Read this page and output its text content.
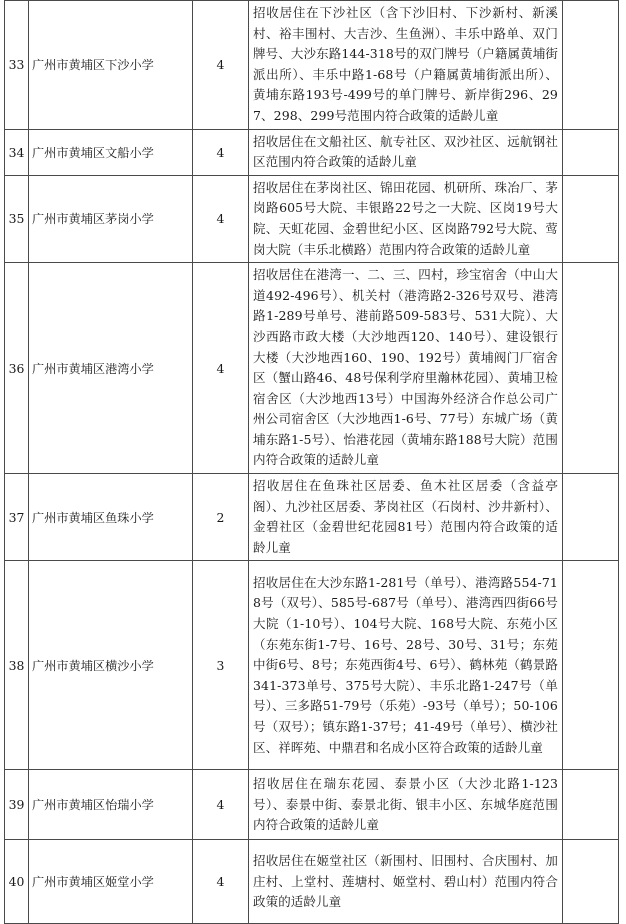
33	广州市黄埔区下沙小学	4	招收居住在下沙社区（含下沙旧村、下沙新村、新溪村、裕丰围村、大吉沙、生鱼洲）、丰乐中路单、双门牌号、大沙东路144-318号的双门牌号（户籍属黄埔街派出所）、丰乐中路1-68号（户籍属黄埔街派出所）、黄埔东路193号-499号的单门牌号、新岸街296、297、298、299号范围内符合政策的适龄儿童	
34	广州市黄埔区文船小学	4	招收居住在文船社区、航专社区、双沙社区、远航钢社区范围内符合政策的适龄儿童	
35	广州市黄埔区茅岗小学	4	招收居住在茅岗社区、锦田花园、机研所、珠冶厂、茅岗路605号大院、丰银路22号之一大院、区岗19号大院、天虹花园、金碧世纪小区、区岗路792号大院、莺岗大院（丰乐北横路）范围内符合政策的适龄儿童	
36	广州市黄埔区港湾小学	4	招收居住在港湾一、二、三、四村，珍宝宿舍（中山大道492-496号）、机关村（港湾路2-326号双号、港湾路1-289号单号、港前路509-583号、531大院）、大沙西路市政大楼（大沙地西120、140号）、建设银行大楼（大沙地西160、190、192号）黄埔阀门厂宿舍区（蟹山路46、48号保利学府里瀚林花园）、黄埔卫检宿舍区（大沙地西13号）中国海外经济合作总公司广州公司宿舍区（大沙地西1-6号、77号）东城广场（黄埔东路1-5号）、怡港花园（黄埔东路188号大院）范围内符合政策的适龄儿童	
37	广州市黄埔区鱼珠小学	2	招收居住在鱼珠社区居委、鱼木社区居委（含益亭阁）、九沙社区居委、茅岗社区（石岗村、沙井新村）、金碧社区（金碧世纪花园81号）范围内符合政策的适龄儿童	
38	广州市黄埔区横沙小学	3	招收居住在大沙东路1-281号（单号）、港湾路554-718号（双号）、585号-687号（单号）、港湾西四街66号大院（1-10号）、104号大院、168号大院、东苑小区（东苑东街1-7号、16号、28号、30号、31号；东苑中街6号、8号；东苑西街4号、6号）、鹤林苑（鹤景路341-373单号、375号大院）、丰乐北路1-247号（单号）、三多路51-79号（乐苑）-93号（单号）；50-106号（双号）；镇东路1-37号；41-49号（单号）、横沙社区、祥晖苑、中鼎君和名成小区符合政策的适龄儿童	
39	广州市黄埔区怡瑞小学	4	招收居住在瑞东花园、泰景小区（大沙北路1-123号）、泰景中街、泰景北街、银丰小区、东城华庭范围内符合政策的适龄儿童	
40	广州市黄埔区姬堂小学	4	招收居住在姬堂社区（新围村、旧围村、合庆围村、加庄村、上堂村、莲塘村、姬堂村、碧山村）范围内符合政策的适龄儿童	
